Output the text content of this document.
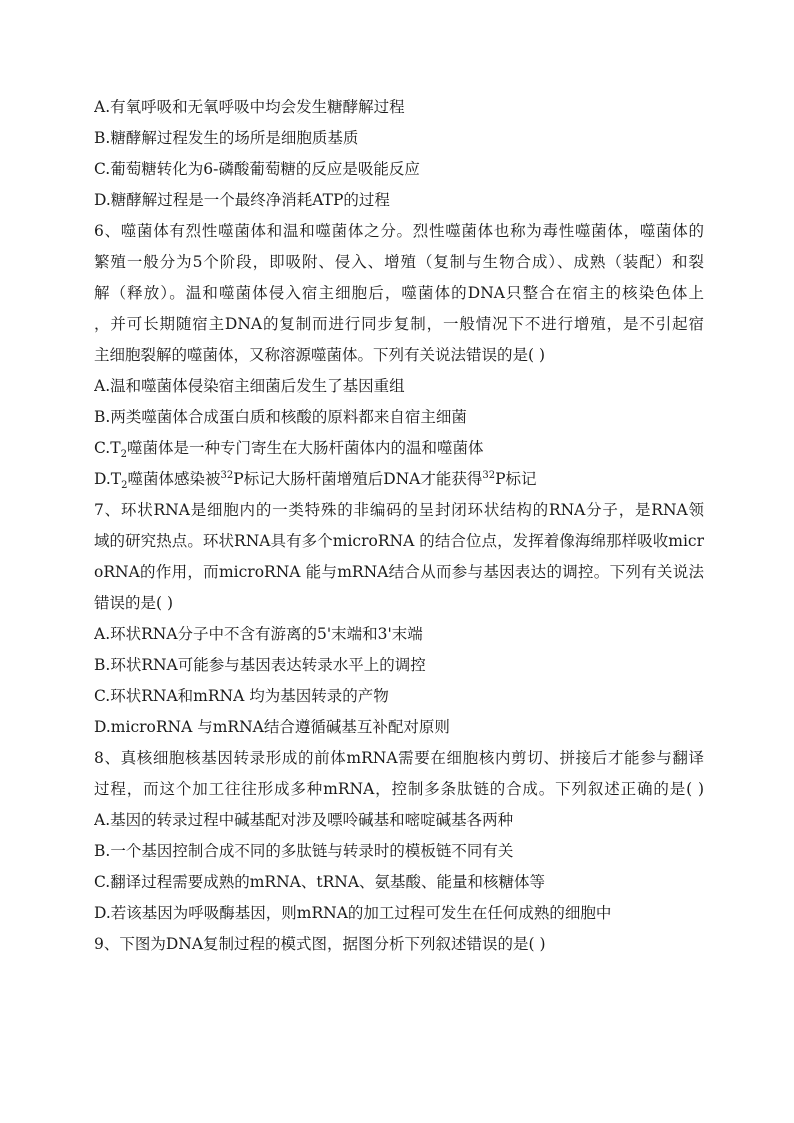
A.有氧呼吸和无氧呼吸中均会发生糖酵解过程
B.糖酵解过程发生的场所是细胞质基质
C.葡萄糖转化为6-磷酸葡萄糖的反应是吸能反应
D.糖酵解过程是一个最终净消耗ATP的过程
6、噬菌体有烈性噬菌体和温和噬菌体之分。烈性噬菌体也称为毒性噬菌体，噬菌体的
繁殖一般分为5个阶段，即吸附、侵入、增殖（复制与生物合成）、成熟（装配）和裂
解（释放）。温和噬菌体侵入宿主细胞后，噬菌体的DNA只整合在宿主的核染色体上
，并可长期随宿主DNA的复制而进行同步复制，一般情况下不进行增殖，是不引起宿
主细胞裂解的噬菌体，又称溶源噬菌体。下列有关说法错误的是( )
A.温和噬菌体侵染宿主细菌后发生了基因重组
B.两类噬菌体合成蛋白质和核酸的原料都来自宿主细菌
$C.T_2$噬菌体是一种专门寄生在大肠杆菌体内的温和噬菌体
$D.T_2$噬菌体感染被$^{32}$P标记大肠杆菌增殖后DNA才能获得$^{32}$P标记
7、环状RNA是细胞内的一类特殊的非编码的呈封闭环状结构的RNA分子，是RNA领
域的研究热点。环状RNA具有多个microRNA 的结合位点，发挥着像海绵那样吸收micr
oRNA的作用，而microRNA 能与mRNA结合从而参与基因表达的调控。下列有关说法
错误的是( )
A.环状RNA分子中不含有游离的5'末端和3'末端
B.环状RNA可能参与基因表达转录水平上的调控
C.环状RNA和mRNA 均为基因转录的产物
D.microRNA 与mRNA结合遵循碱基互补配对原则
8、真核细胞核基因转录形成的前体mRNA需要在细胞核内剪切、拼接后才能参与翻译
过程，而这个加工往往形成多种mRNA，控制多条肽链的合成。下列叙述正确的是( )
A.基因的转录过程中碱基配对涉及嘌呤碱基和嘧啶碱基各两种
B.一个基因控制合成不同的多肽链与转录时的模板链不同有关
C.翻译过程需要成熟的mRNA、tRNA、氨基酸、能量和核糖体等
D.若该基因为呼吸酶基因，则mRNA的加工过程可发生在任何成熟的细胞中
9、下图为DNA复制过程的模式图，据图分析下列叙述错误的是( )
